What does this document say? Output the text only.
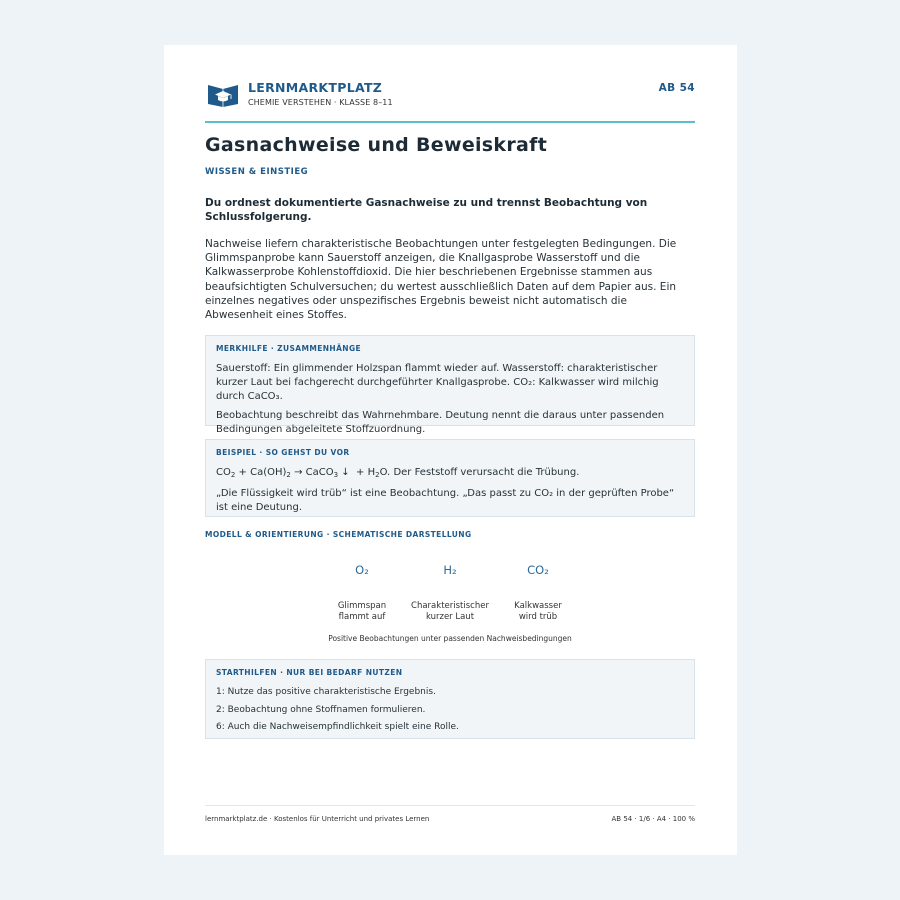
LERNMARKTPLATZ
CHEMIE VERSTEHEN · KLASSE 8–11
AB 54
Gasnachweise und Beweiskraft
WISSEN & EINSTIEG
Du ordnest dokumentierte Gasnachweise zu und trennst Beobachtung von Schlussfolgerung.
Nachweise liefern charakteristische Beobachtungen unter festgelegten Bedingungen. Die Glimmspanprobe kann Sauerstoff anzeigen, die Knallgasprobe Wasserstoff und die Kalkwasserprobe Kohlenstoffdioxid. Die hier beschriebenen Ergebnisse stammen aus beaufsichtigten Schulversuchen; du wertest ausschließlich Daten auf dem Papier aus. Ein einzelnes negatives oder unspezifisches Ergebnis beweist nicht automatisch die Abwesenheit eines Stoffes.
MERKHILFE · ZUSAMMENHÄNGE

Sauerstoff: Ein glimmender Holzspan flammt wieder auf. Wasserstoff: charakteristischer kurzer Laut bei fachgerecht durchgeführter Knallgasprobe. CO₂: Kalkwasser wird milchig durch CaCO₃.

Beobachtung beschreibt das Wahrnehmbare. Deutung nennt die daraus unter passenden Bedingungen abgeleitete Stoffzuordnung.

BEISPIEL · SO GEHST DU VOR

$CO_2 + Ca(OH)_2$ → CaCO$_3$ ↓ + $H_2O$. Der Feststoff verursacht die Trübung.

„Die Flüssigkeit wird trüb“ ist eine Beobachtung. „Das passt zu CO₂ in der geprüften Probe“ ist eine Deutung.

MODELL & ORIENTIERUNG · SCHEMATISCHE DARSTELLUNG
O₂	H₂	CO₂
Glimmspan
flammt auf
Charakteristischer
kurzer Laut
Kalkwasser
wird trüb
Positive Beobachtungen unter passenden Nachweisbedingungen
STARTHILFEN · NUR BEI BEDARF NUTZEN

1: Nutze das positive charakteristische Ergebnis.

2: Beobachtung ohne Stoffnamen formulieren.

6: Auch die Nachweisempfindlichkeit spielt eine Rolle.

lernmarktplatz.de · Kostenlos für Unterricht und privates Lernen	AB 54 · 1/6 · A4 · 100 %
